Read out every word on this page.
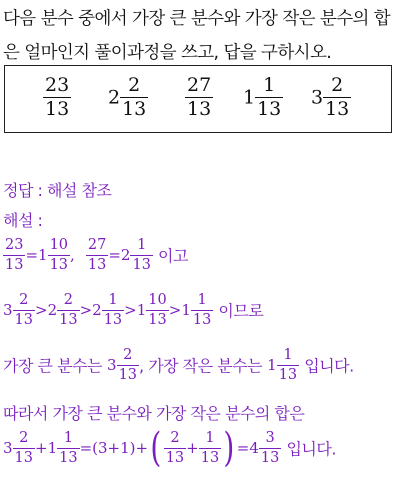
다음 분수 중에서 가장 큰 분수와 가장 작은 분수의 합은 얼마인지 풀이과정을 쓰고, 답을 구하시오.
$\frac{23}{13} 2 \frac{2}{13} \frac{27}{13} 1 \frac{1}{13} 3 \frac{2}{13}$
정답 : 해설 참조
해설 :
$\frac{23}{13} =1 \frac{10}{13}$ , $\frac{27}{13} =2 \frac{1}{13}$ 이고
$3 \frac{2}{13} >2 \frac{2}{13} >2 \frac{1}{13} >1 \frac{10}{13} >1 \frac{1}{13}$ 이므로
가장 큰 분수는 $3 \frac{2}{13}$ , 가장 작은 분수는 $1 \frac{1}{13}$ 입니다.
따라서 가장 큰 분수와 가장 작은 분수의 합은
$3 \frac{2}{13} +1 \frac{1}{13} =(3+1)+( \frac{2}{13} + \frac{1}{13}$ ) $=4 \frac{3}{13}$ 입니다.
